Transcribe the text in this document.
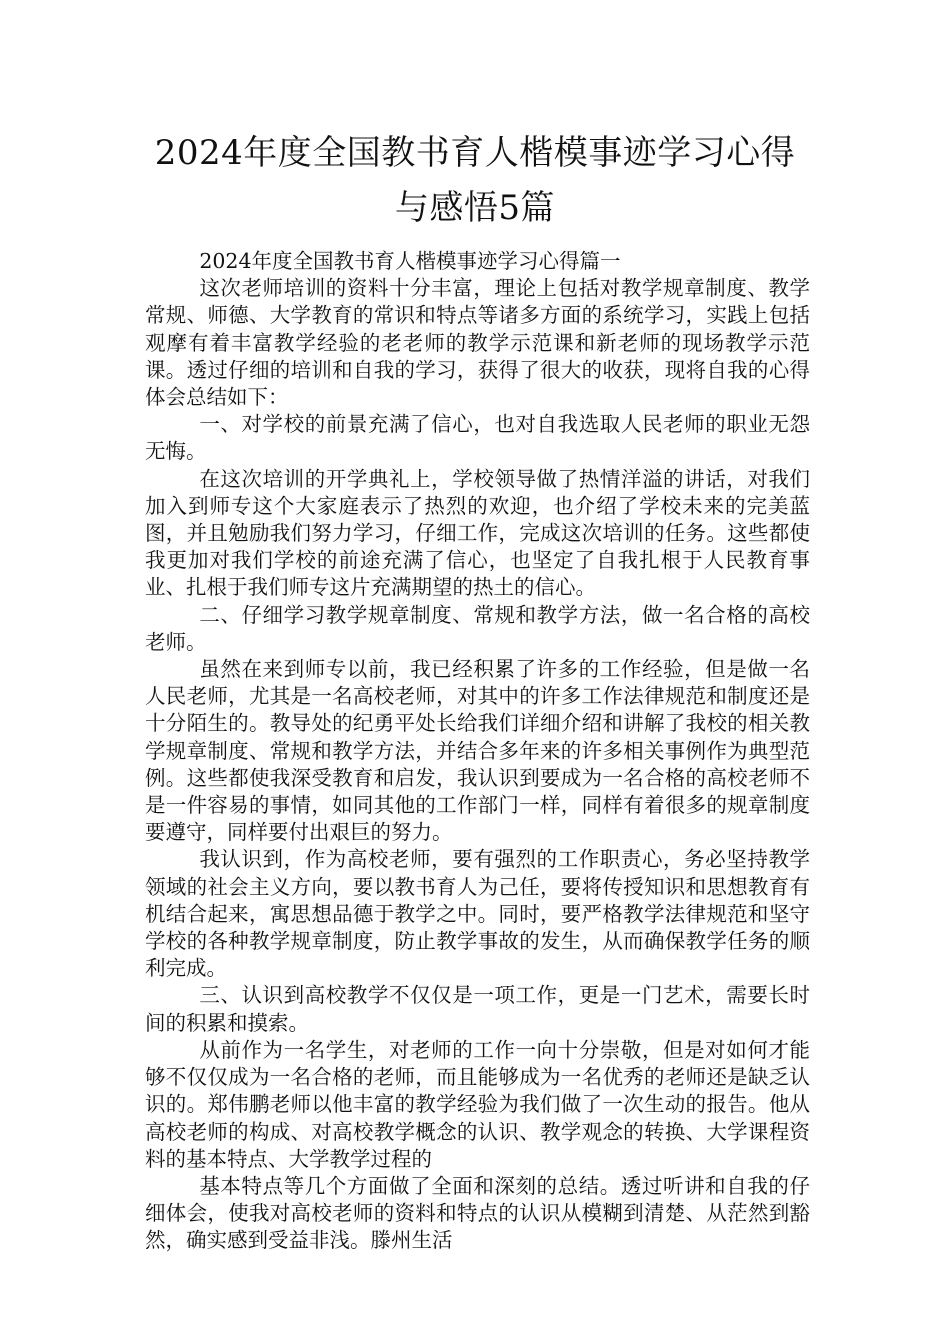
2024年度全国教书育人楷模事迹学习心得
与感悟5篇

2024年度全国教书育人楷模事迹学习心得篇一

这次老师培训的资料十分丰富，理论上包括对教学规章制度、教学常规、师德、大学教育的常识和特点等诸多方面的系统学习，实践上包括观摩有着丰富教学经验的老老师的教学示范课和新老师的现场教学示范课。透过仔细的培训和自我的学习，获得了很大的收获，现将自我的心得体会总结如下：

一、对学校的前景充满了信心，也对自我选取人民老师的职业无怨无悔。

在这次培训的开学典礼上，学校领导做了热情洋溢的讲话，对我们加入到师专这个大家庭表示了热烈的欢迎，也介绍了学校未来的完美蓝图，并且勉励我们努力学习，仔细工作，完成这次培训的任务。这些都使我更加对我们学校的前途充满了信心，也坚定了自我扎根于人民教育事业、扎根于我们师专这片充满期望的热土的信心。

二、仔细学习教学规章制度、常规和教学方法，做一名合格的高校老师。

虽然在来到师专以前，我已经积累了许多的工作经验，但是做一名人民老师，尤其是一名高校老师，对其中的许多工作法律规范和制度还是十分陌生的。教导处的纪勇平处长给我们详细介绍和讲解了我校的相关教学规章制度、常规和教学方法，并结合多年来的许多相关事例作为典型范例。这些都使我深受教育和启发，我认识到要成为一名合格的高校老师不是一件容易的事情，如同其他的工作部门一样，同样有着很多的规章制度要遵守，同样要付出艰巨的努力。

我认识到，作为高校老师，要有强烈的工作职责心，务必坚持教学领域的社会主义方向，要以教书育人为己任，要将传授知识和思想教育有机结合起来，寓思想品德于教学之中。同时，要严格教学法律规范和坚守学校的各种教学规章制度，防止教学事故的发生，从而确保教学任务的顺利完成。

三、认识到高校教学不仅仅是一项工作，更是一门艺术，需要长时间的积累和摸索。

从前作为一名学生，对老师的工作一向十分崇敬，但是对如何才能够不仅仅成为一名合格的老师，而且能够成为一名优秀的老师还是缺乏认识的。郑伟鹏老师以他丰富的教学经验为我们做了一次生动的报告。他从高校老师的构成、对高校教学概念的认识、教学观念的转换、大学课程资料的基本特点、大学教学过程的

基本特点等几个方面做了全面和深刻的总结。透过听讲和自我的仔细体会，使我对高校老师的资料和特点的认识从模糊到清楚、从茫然到豁然，确实感到受益非浅。滕州生活
